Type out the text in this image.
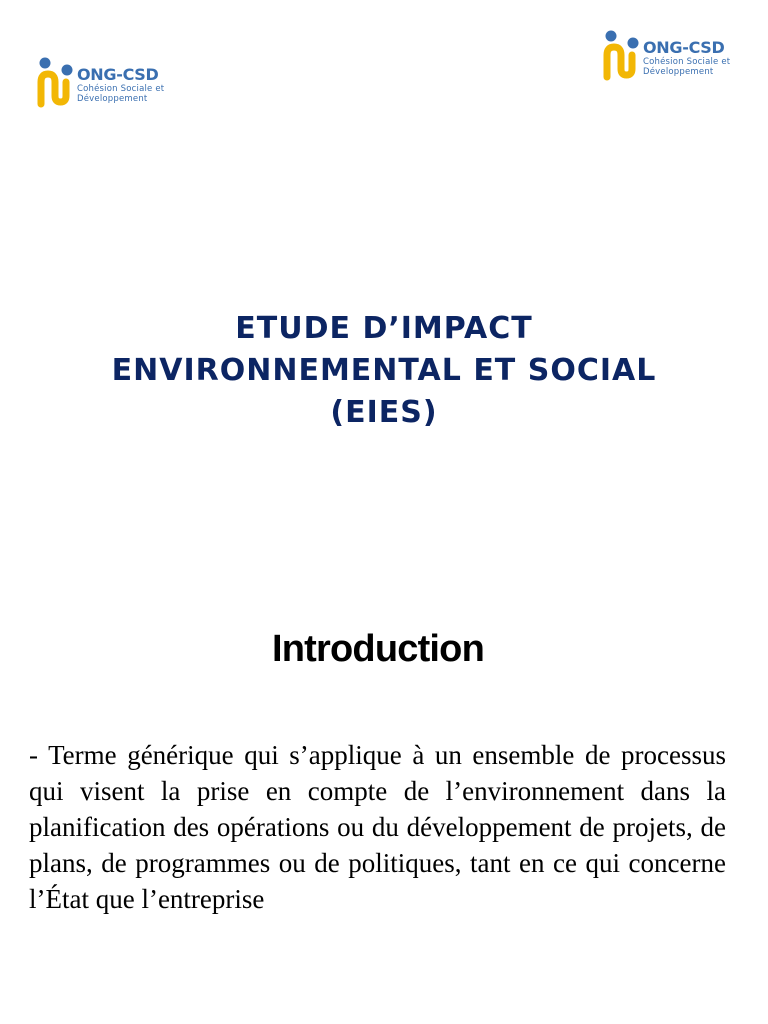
ONG-CSD
Cohésion Sociale et
Développement
ONG-CSD
Cohésion Sociale et
Développement
ETUDE D’IMPACT
ENVIRONNEMENTAL ET SOCIAL
(EIES)
Introduction

- Terme générique qui s’applique à un ensemble de processus qui visent la prise en compte de l’environnement dans la planification des opérations ou du développement de projets, de plans, de programmes ou de politiques, tant en ce qui concerne l’État que l’entreprise
